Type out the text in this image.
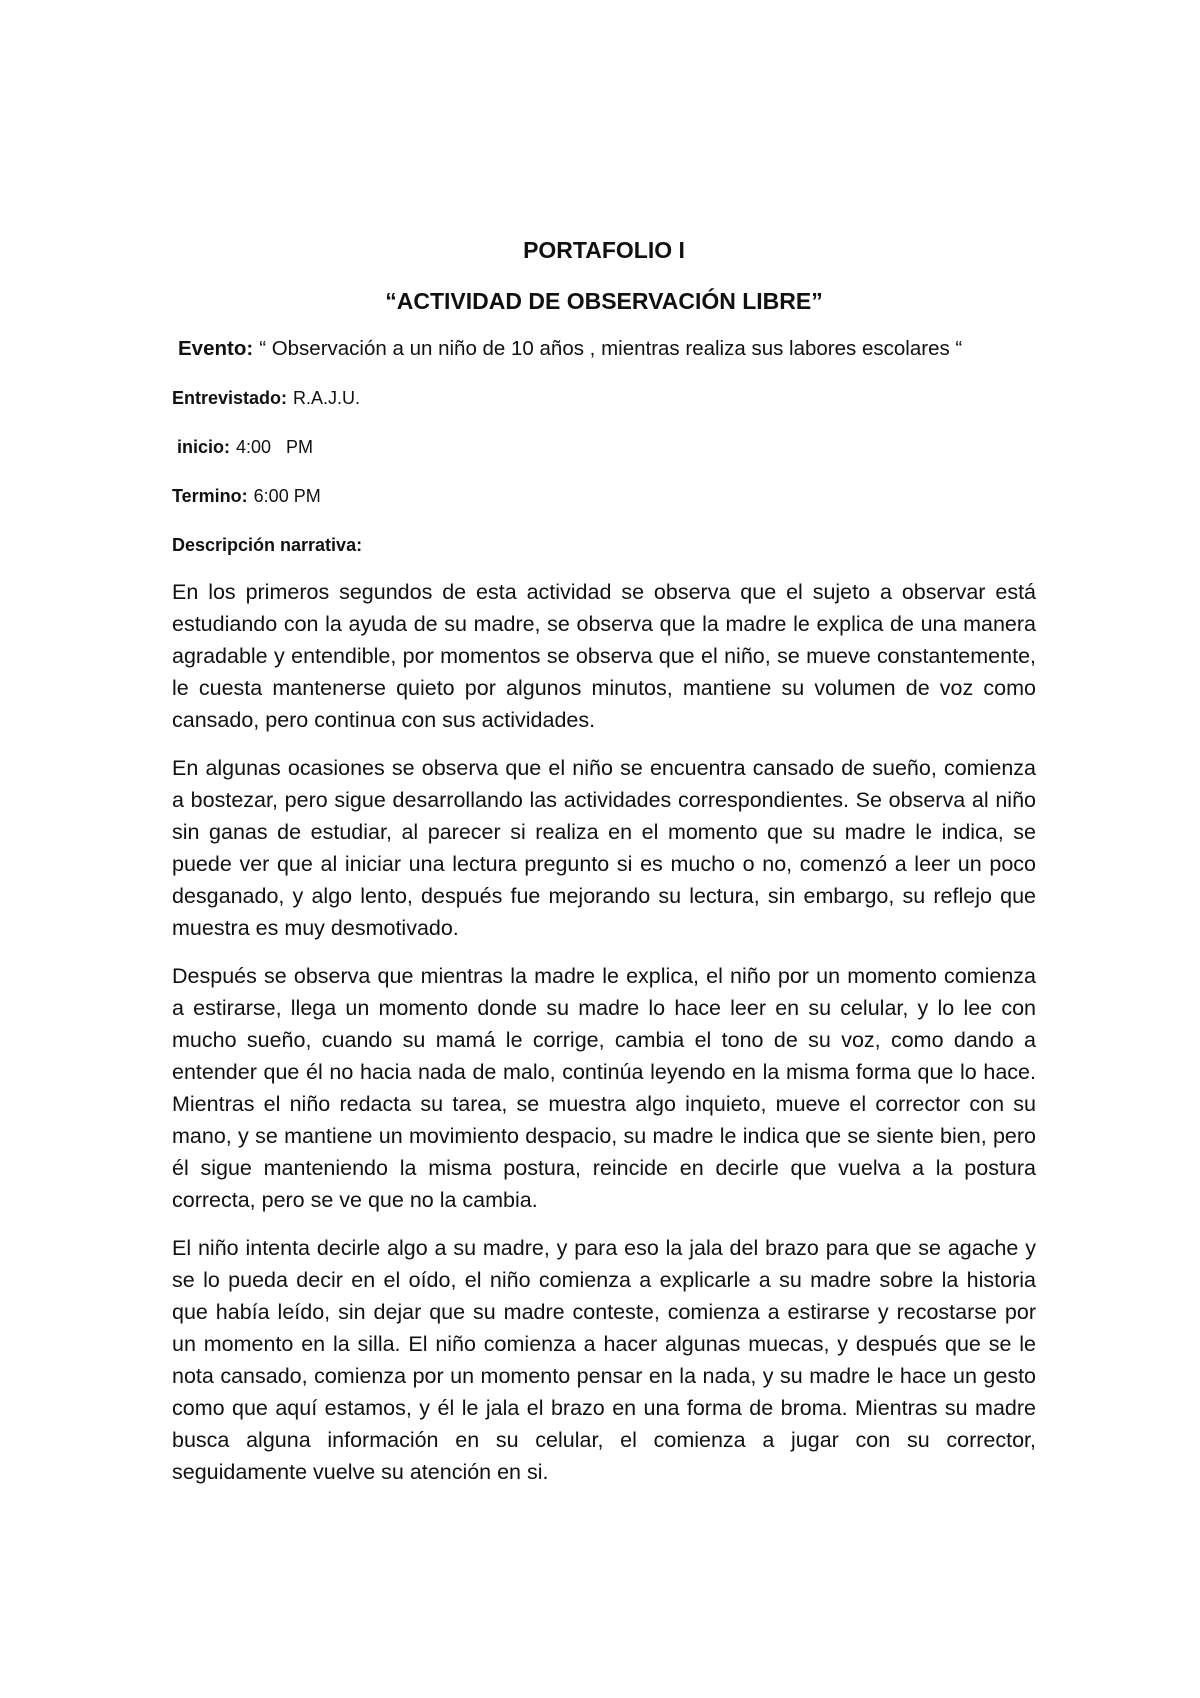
PORTAFOLIO I

“ACTIVIDAD DE OBSERVACIÓN LIBRE”

Evento: “ Observación a un niño de 10 años , mientras realiza sus labores escolares “

Entrevistado: R.A.J.U.

inicio: 4:00   PM

Termino: 6:00 PM

Descripción narrativa:

En los primeros segundos de esta actividad se observa que el sujeto a observar está estudiando con la ayuda de su madre, se observa que la madre le explica de una manera agradable y entendible, por momentos se observa que el niño, se mueve constantemente, le cuesta mantenerse quieto por algunos minutos, mantiene su volumen de voz como cansado, pero continua con sus actividades.

En algunas ocasiones se observa que el niño se encuentra cansado de sueño, comienza a bostezar, pero sigue desarrollando las actividades correspondientes. Se observa al niño sin ganas de estudiar, al parecer si realiza en el momento que su madre le indica, se puede ver que al iniciar una lectura pregunto si es mucho o no, comenzó a leer un poco desganado, y algo lento, después fue mejorando su lectura, sin embargo, su reflejo que muestra es muy desmotivado.

Después se observa que mientras la madre le explica, el niño por un momento comienza a estirarse, llega un momento donde su madre lo hace leer en su celular, y lo lee con mucho sueño, cuando su mamá le corrige, cambia el tono de su voz, como dando a entender que él no hacia nada de malo, continúa leyendo en la misma forma que lo hace. Mientras el niño redacta su tarea, se muestra algo inquieto, mueve el corrector con su mano, y se mantiene un movimiento despacio, su madre le indica que se siente bien, pero él sigue manteniendo la misma postura, reincide en decirle que vuelva a la postura correcta, pero se ve que no la cambia.

El niño intenta decirle algo a su madre, y para eso la jala del brazo para que se agache y se lo pueda decir en el oído, el niño comienza a explicarle a su madre sobre la historia que había leído, sin dejar que su madre conteste, comienza a estirarse y recostarse por un momento en la silla. El niño comienza a hacer algunas muecas, y después que se le nota cansado, comienza por un momento pensar en la nada, y su madre le hace un gesto como que aquí estamos, y él le jala el brazo en una forma de broma. Mientras su madre busca alguna información en su celular, el comienza a jugar con su corrector, seguidamente vuelve su atención en si.
